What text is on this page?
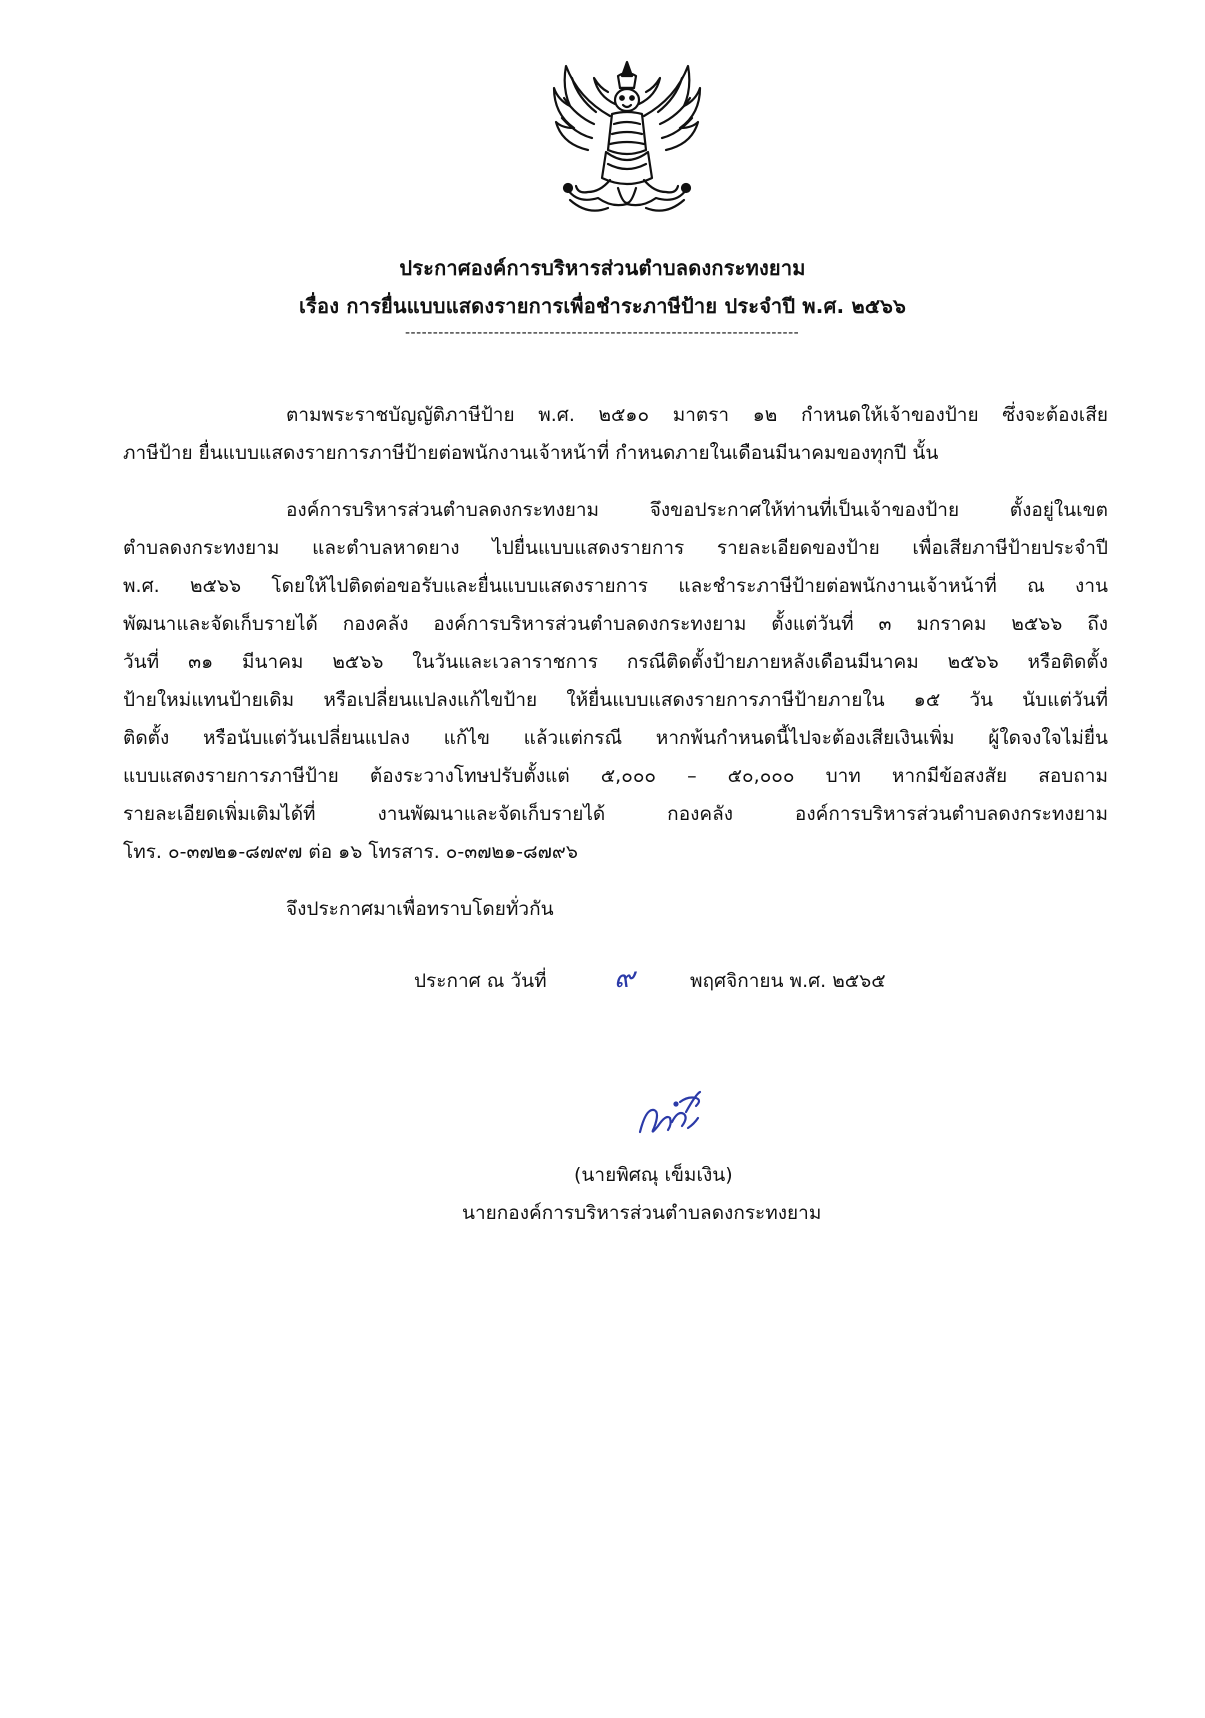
ประกาศองค์การบริหารส่วนตำบลดงกระทงยาม
เรื่อง การยื่นแบบแสดงรายการเพื่อชำระภาษีป้าย ประจำปี พ.ศ. ๒๕๖๖
-----------------------------------------------------------------------
ตามพระราชบัญญัติภาษีป้าย พ.ศ. ๒๕๑๐ มาตรา ๑๒ กำหนดให้เจ้าของป้าย ซึ่งจะต้องเสีย
ภาษีป้าย ยื่นแบบแสดงรายการภาษีป้ายต่อพนักงานเจ้าหน้าที่ กำหนดภายในเดือนมีนาคมของทุกปี นั้น
องค์การบริหารส่วนตำบลดงกระทงยาม จึงขอประกาศให้ท่านที่เป็นเจ้าของป้าย ตั้งอยู่ในเขต
ตำบลดงกระทงยาม และตำบลหาดยาง ไปยื่นแบบแสดงรายการ รายละเอียดของป้าย เพื่อเสียภาษีป้ายประจำปี
พ.ศ. ๒๕๖๖ โดยให้ไปติดต่อขอรับและยื่นแบบแสดงรายการ และชำระภาษีป้ายต่อพนักงานเจ้าหน้าที่ ณ งาน
พัฒนาและจัดเก็บรายได้ กองคลัง องค์การบริหารส่วนตำบลดงกระทงยาม ตั้งแต่วันที่ ๓ มกราคม ๒๕๖๖ ถึง
วันที่ ๓๑ มีนาคม ๒๕๖๖ ในวันและเวลาราชการ กรณีติดตั้งป้ายภายหลังเดือนมีนาคม ๒๕๖๖ หรือติดตั้ง
ป้ายใหม่แทนป้ายเดิม หรือเปลี่ยนแปลงแก้ไขป้าย ให้ยื่นแบบแสดงรายการภาษีป้ายภายใน ๑๕ วัน นับแต่วันที่
ติดตั้ง หรือนับแต่วันเปลี่ยนแปลง แก้ไข แล้วแต่กรณี หากพ้นกำหนดนี้ไปจะต้องเสียเงินเพิ่ม ผู้ใดจงใจไม่ยื่น
แบบแสดงรายการภาษีป้าย ต้องระวางโทษปรับตั้งแต่ ๕,๐๐๐ – ๕๐,๐๐๐ บาท หากมีข้อสงสัย สอบถาม
รายละเอียดเพิ่มเติมได้ที่ งานพัฒนาและจัดเก็บรายได้ กองคลัง องค์การบริหารส่วนตำบลดงกระทงยาม
โทร. ๐-๓๗๒๑-๘๗๙๗ ต่อ ๑๖ โทรสาร. ๐-๓๗๒๑-๘๗๙๖
จึงประกาศมาเพื่อทราบโดยทั่วกัน
ประกาศ ณ วันที่ ๙	พฤศจิกายน พ.ศ. ๒๕๖๕
(นายพิศณุ เข็มเงิน)
นายกองค์การบริหารส่วนตำบลดงกระทงยาม
